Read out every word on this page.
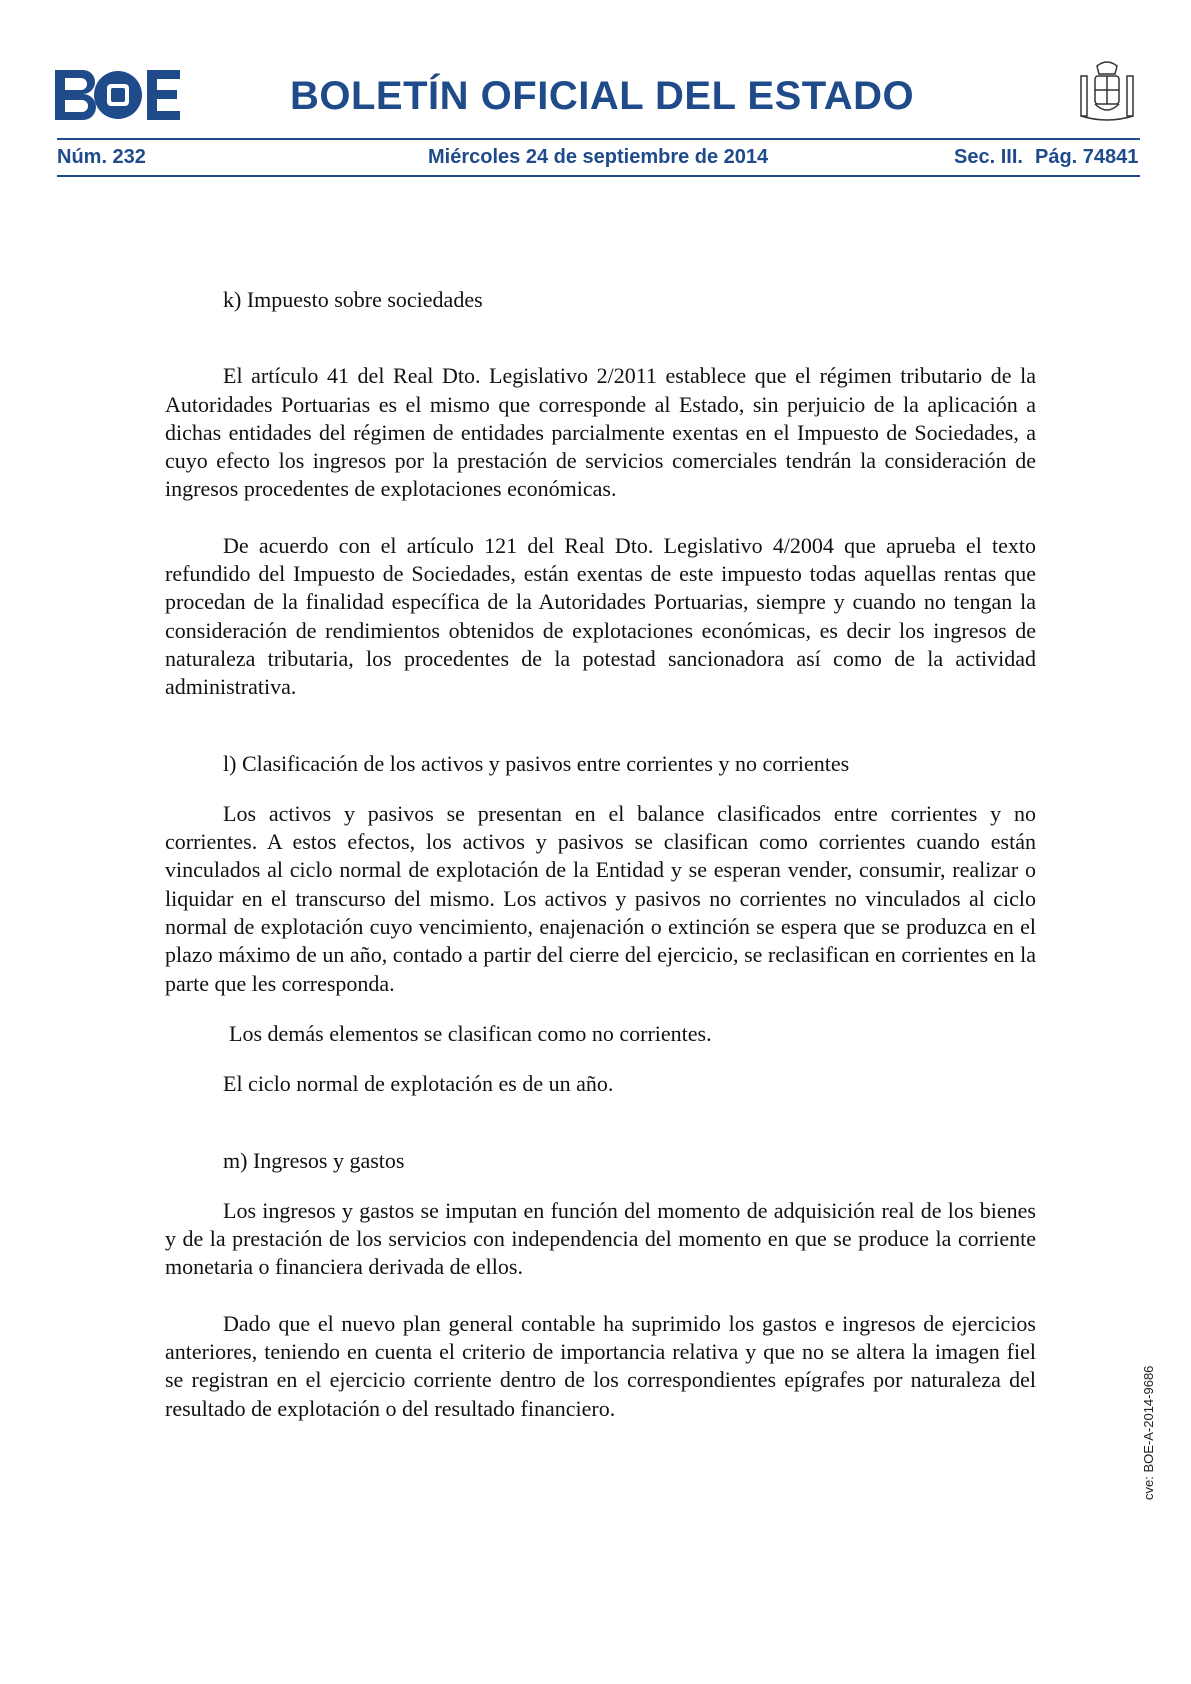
BOLETÍN OFICIAL DEL ESTADO
Núm. 232	Miércoles 24 de septiembre de 2014	Sec. III. Pág. 74841
k) Impuesto sobre sociedades

El artículo 41 del Real Dto. Legislativo 2/2011 establece que el régimen tributario de la Autoridades Portuarias es el mismo que corresponde al Estado, sin perjuicio de la aplicación a dichas entidades del régimen de entidades parcialmente exentas en el Impuesto de Sociedades, a cuyo efecto los ingresos por la prestación de servicios comerciales tendrán la consideración de ingresos procedentes de explotaciones económicas.

De acuerdo con el artículo 121 del Real Dto. Legislativo 4/2004 que aprueba el texto refundido del Impuesto de Sociedades, están exentas de este impuesto todas aquellas rentas que procedan de la finalidad específica de la Autoridades Portuarias, siempre y cuando no tengan la consideración de rendimientos obtenidos de explotaciones económicas, es decir los ingresos de naturaleza tributaria, los procedentes de la potestad sancionadora así como de la actividad administrativa.

l) Clasificación de los activos y pasivos entre corrientes y no corrientes

Los activos y pasivos se presentan en el balance clasificados entre corrientes y no corrientes. A estos efectos, los activos y pasivos se clasifican como corrientes cuando están vinculados al ciclo normal de explotación de la Entidad y se esperan vender, consumir, realizar o liquidar en el transcurso del mismo. Los activos y pasivos no corrientes no vinculados al ciclo normal de explotación cuyo vencimiento, enajenación o extinción se espera que se produzca en el plazo máximo de un año, contado a partir del cierre del ejercicio, se reclasifican en corrientes en la parte que les corresponda.

Los demás elementos se clasifican como no corrientes.

El ciclo normal de explotación es de un año.

m) Ingresos y gastos

Los ingresos y gastos se imputan en función del momento de adquisición real de los bienes y de la prestación de los servicios con independencia del momento en que se produce la corriente monetaria o financiera derivada de ellos.

Dado que el nuevo plan general contable ha suprimido los gastos e ingresos de ejercicios anteriores, teniendo en cuenta el criterio de importancia relativa y que no se altera la imagen fiel se registran en el ejercicio corriente dentro de los correspondientes epígrafes por naturaleza del resultado de explotación o del resultado financiero.	cve: BOE-A-2014-9686
